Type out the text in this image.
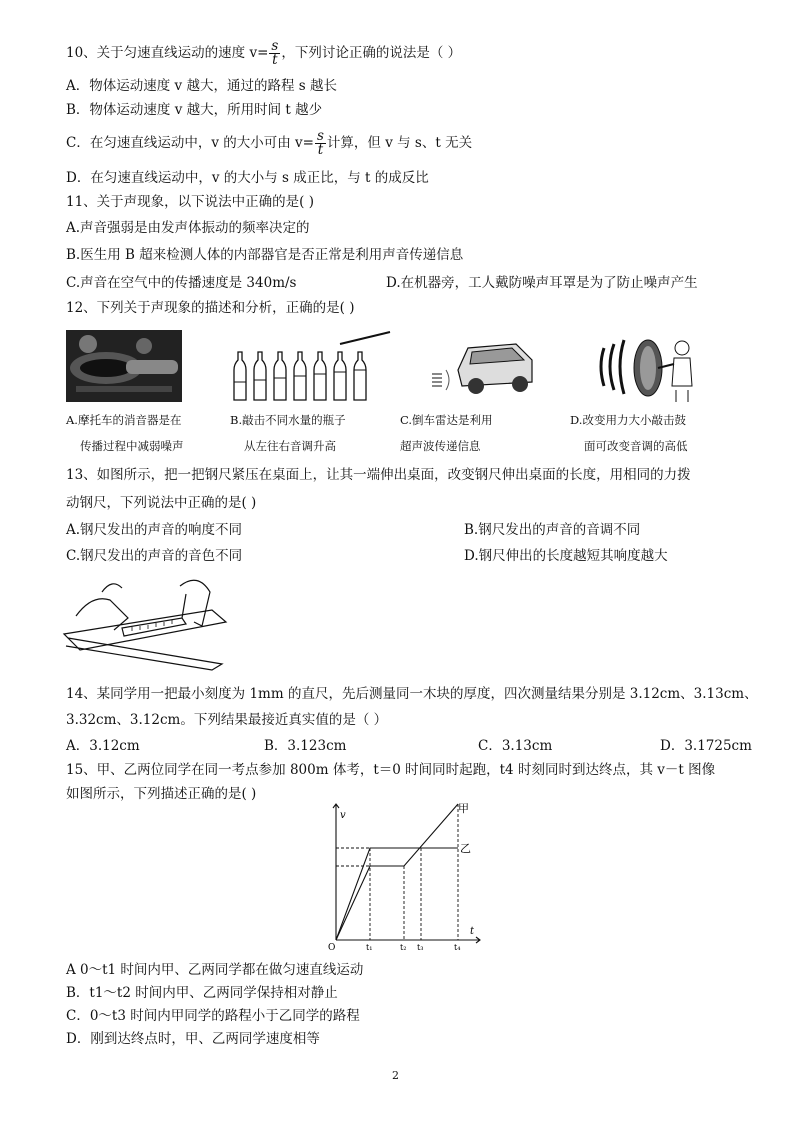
10、关于匀速直线运动的速度 $v= \frac{s}{t}$ ，下列讨论正确的说法是（ ）
A．物体运动速度 v 越大，通过的路程 s 越长
B．物体运动速度 v 越大，所用时间 t 越少
C．在匀速直线运动中，v 的大小可由 $v= \frac{s}{t}$ 计算，但 v 与 s、t 无关
D．在匀速直线运动中，v 的大小与 s 成正比，与 t 的成反比
11、关于声现象，以下说法中正确的是( )
A.声音强弱是由发声体振动的频率决定的
B.医生用 B 超来检测人体的内部器官是否正常是利用声音传递信息
C.声音在空气中的传播速度是 340m/s	D.在机器旁，工人戴防噪声耳罩是为了防止噪声产生
12、下列关于声现象的描述和分析，正确的是( )
A.摩托车的消音器是在
传播过程中减弱噪声
B.敲击不同水量的瓶子
从左往右音调升高
C.倒车雷达是利用
超声波传递信息
D.改变用力大小敲击鼓
面可改变音调的高低
13、如图所示，把一把钢尺紧压在桌面上，让其一端伸出桌面，改变钢尺伸出桌面的长度，用相同的力拨
动钢尺，下列说法中正确的是( )
A.钢尺发出的声音的响度不同	B.钢尺发出的声音的音调不同
C.钢尺发出的声音的音色不同	D.钢尺伸出的长度越短其响度越大
14、某同学用一把最小刻度为 1mm 的直尺，先后测量同一木块的厚度，四次测量结果分别是 3.12cm、3.13cm、
3.32cm、3.12cm。下列结果最接近真实值的是（ ）
A．3.12cm	B．3.123cm	C．3.13cm	D．3.1725cm
15、甲、乙两位同学在同一考点参加 800m 体考，t＝0 时间同时起跑，t4 时刻同时到达终点，其 v－t 图像
如图所示，下列描述正确的是( )
v
t
O
甲
乙
t₁	t₂ t₃	t₄
A 0～t1 时间内甲、乙两同学都在做匀速直线运动
B．t1～t2 时间内甲、乙两同学保持相对静止
C．0～t3 时间内甲同学的路程小于乙同学的路程
D．刚到达终点时，甲、乙两同学速度相等
2
